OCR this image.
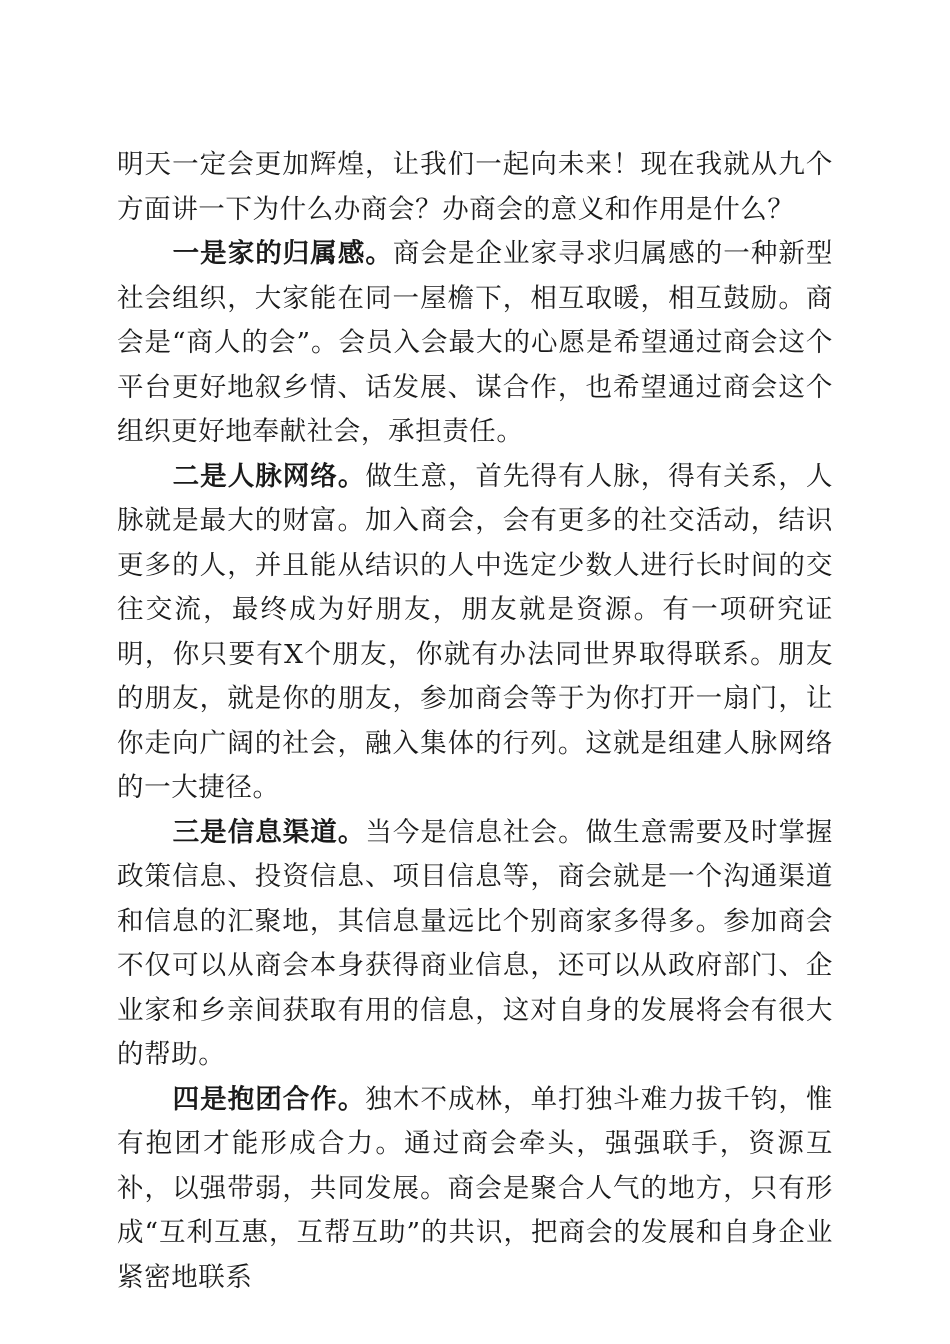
明天一定会更加辉煌，让我们一起向未来！现在我就从九个方面讲一下为什么办商会？办商会的意义和作用是什么？

一是家的归属感。商会是企业家寻求归属感的一种新型社会组织，大家能在同一屋檐下，相互取暖，相互鼓励。商会是“商人的会”。会员入会最大的心愿是希望通过商会这个平台更好地叙乡情、话发展、谋合作，也希望通过商会这个组织更好地奉献社会，承担责任。

二是人脉网络。做生意，首先得有人脉，得有关系，人脉就是最大的财富。加入商会，会有更多的社交活动，结识更多的人，并且能从结识的人中选定少数人进行长时间的交往交流，最终成为好朋友，朋友就是资源。有一项研究证明，你只要有X个朋友，你就有办法同世界取得联系。朋友的朋友，就是你的朋友，参加商会等于为你打开一扇门，让你走向广阔的社会，融入集体的行列。这就是组建人脉网络的一大捷径。

三是信息渠道。当今是信息社会。做生意需要及时掌握政策信息、投资信息、项目信息等，商会就是一个沟通渠道和信息的汇聚地，其信息量远比个别商家多得多。参加商会不仅可以从商会本身获得商业信息，还可以从政府部门、企业家和乡亲间获取有用的信息，这对自身的发展将会有很大的帮助。

四是抱团合作。独木不成林，单打独斗难力拔千钧，惟有抱团才能形成合力。通过商会牵头，强强联手，资源互补，以强带弱，共同发展。商会是聚合人气的地方，只有形成“互利互惠，互帮互助”的共识，把商会的发展和自身企业紧密地联系
